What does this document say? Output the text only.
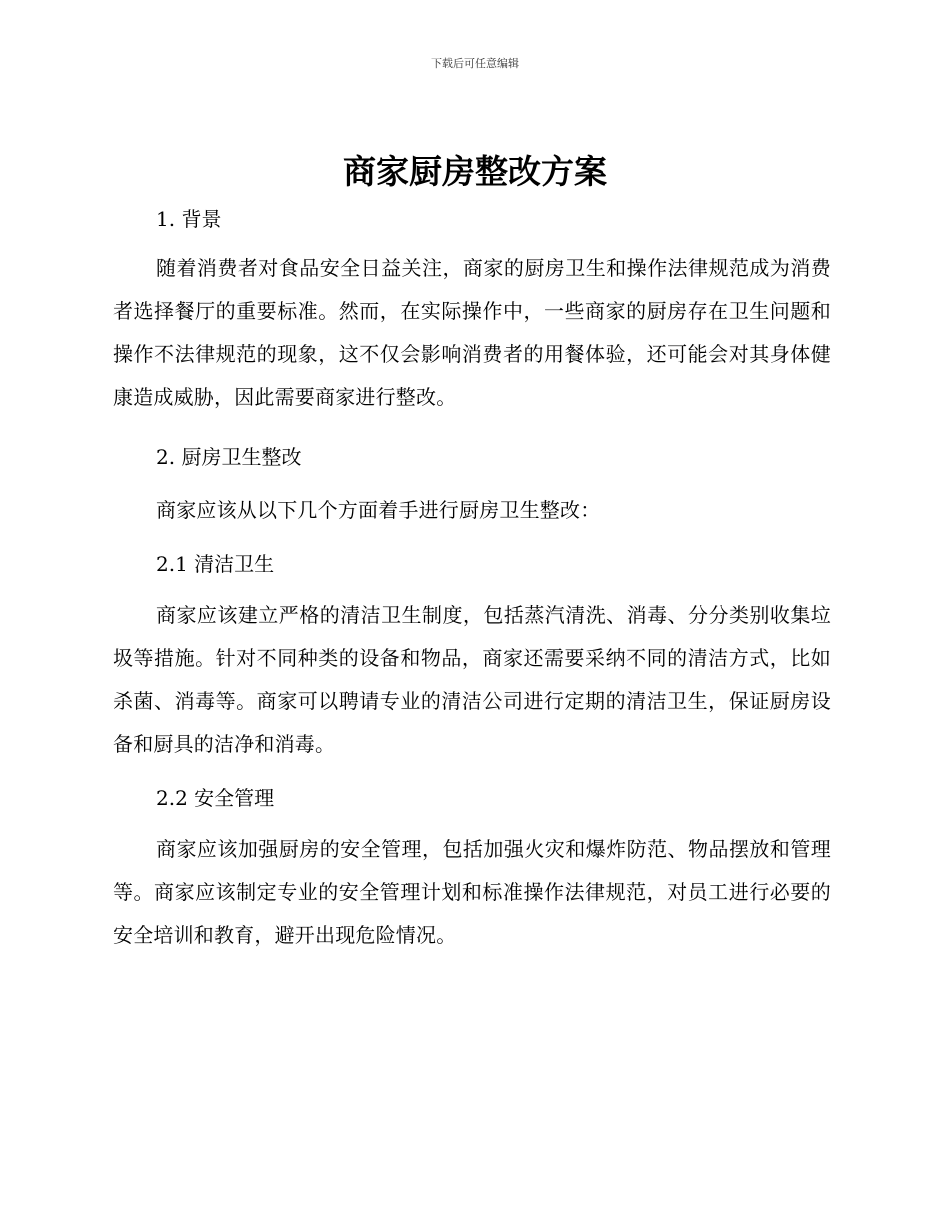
下载后可任意编辑
商家厨房整改方案
1. 背景

随着消费者对食品安全日益关注，商家的厨房卫生和操作法律规范成为消费者选择餐厅的重要标准。然而，在实际操作中，一些商家的厨房存在卫生问题和操作不法律规范的现象，这不仅会影响消费者的用餐体验，还可能会对其身体健康造成威胁，因此需要商家进行整改。

2. 厨房卫生整改

商家应该从以下几个方面着手进行厨房卫生整改：

2.1 清洁卫生

商家应该建立严格的清洁卫生制度，包括蒸汽清洗、消毒、分分类别收集垃圾等措施。针对不同种类的设备和物品，商家还需要采纳不同的清洁方式，比如杀菌、消毒等。商家可以聘请专业的清洁公司进行定期的清洁卫生，保证厨房设备和厨具的洁净和消毒。

2.2 安全管理

商家应该加强厨房的安全管理，包括加强火灾和爆炸防范、物品摆放和管理等。商家应该制定专业的安全管理计划和标准操作法律规范，对员工进行必要的安全培训和教育，避开出现危险情况。
